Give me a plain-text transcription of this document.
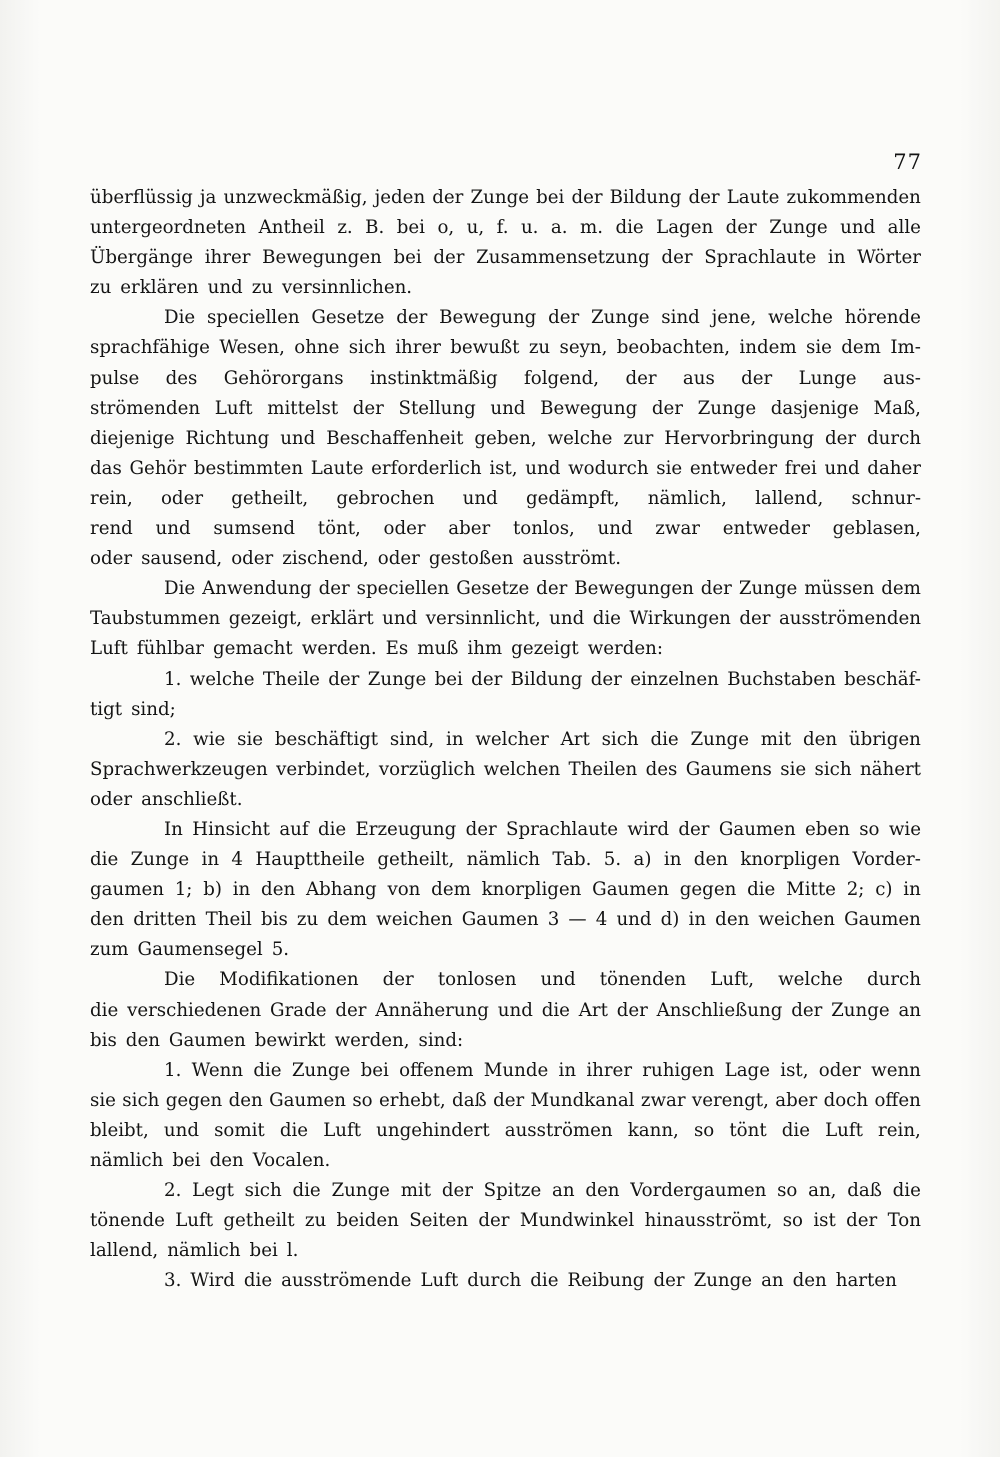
77
überflüssig ja unzweckmäßig, jeden der Zunge bei der Bildung der Laute zukommenden
untergeordneten Antheil z. B. bei o, u, f. u. a. m. die Lagen der Zunge und alle
Übergänge ihrer Bewegungen bei der Zusammensetzung der Sprachlaute in Wörter
zu erklären und zu versinnlichen.
Die speciellen Gesetze der Bewegung der Zunge sind jene, welche hörende
sprachfähige Wesen, ohne sich ihrer bewußt zu seyn, beobachten, indem sie dem Im-
pulse des Gehörorgans instinktmäßig folgend, der aus der Lunge aus-
strömenden Luft mittelst der Stellung und Bewegung der Zunge dasjenige Maß,
diejenige Richtung und Beschaffenheit geben, welche zur Hervorbringung der durch
das Gehör bestimmten Laute erforderlich ist, und wodurch sie entweder frei und daher
rein, oder getheilt, gebrochen und gedämpft, nämlich, lallend, schnur-
rend und sumsend tönt, oder aber tonlos, und zwar entweder geblasen,
oder sausend, oder zischend, oder gestoßen ausströmt.
Die Anwendung der speciellen Gesetze der Bewegungen der Zunge müssen dem
Taubstummen gezeigt, erklärt und versinnlicht, und die Wirkungen der ausströmenden
Luft fühlbar gemacht werden. Es muß ihm gezeigt werden:
1. welche Theile der Zunge bei der Bildung der einzelnen Buchstaben beschäf-
tigt sind;
2. wie sie beschäftigt sind, in welcher Art sich die Zunge mit den übrigen
Sprachwerkzeugen verbindet, vorzüglich welchen Theilen des Gaumens sie sich nähert
oder anschließt.
In Hinsicht auf die Erzeugung der Sprachlaute wird der Gaumen eben so wie
die Zunge in 4 Haupttheile getheilt, nämlich Tab. 5. a) in den knorpligen Vorder-
gaumen 1; b) in den Abhang von dem knorpligen Gaumen gegen die Mitte 2; c) in
den dritten Theil bis zu dem weichen Gaumen 3 — 4 und d) in den weichen Gaumen
zum Gaumensegel 5.
Die Modifikationen der tonlosen und tönenden Luft, welche durch
die verschiedenen Grade der Annäherung und die Art der Anschließung der Zunge an
bis den Gaumen bewirkt werden, sind:
1. Wenn die Zunge bei offenem Munde in ihrer ruhigen Lage ist, oder wenn
sie sich gegen den Gaumen so erhebt, daß der Mundkanal zwar verengt, aber doch offen
bleibt, und somit die Luft ungehindert ausströmen kann, so tönt die Luft rein,
nämlich bei den Vocalen.
2. Legt sich die Zunge mit der Spitze an den Vordergaumen so an, daß die
tönende Luft getheilt zu beiden Seiten der Mundwinkel hinausströmt, so ist der Ton
lallend, nämlich bei l.
3. Wird die ausströmende Luft durch die Reibung der Zunge an den harten
